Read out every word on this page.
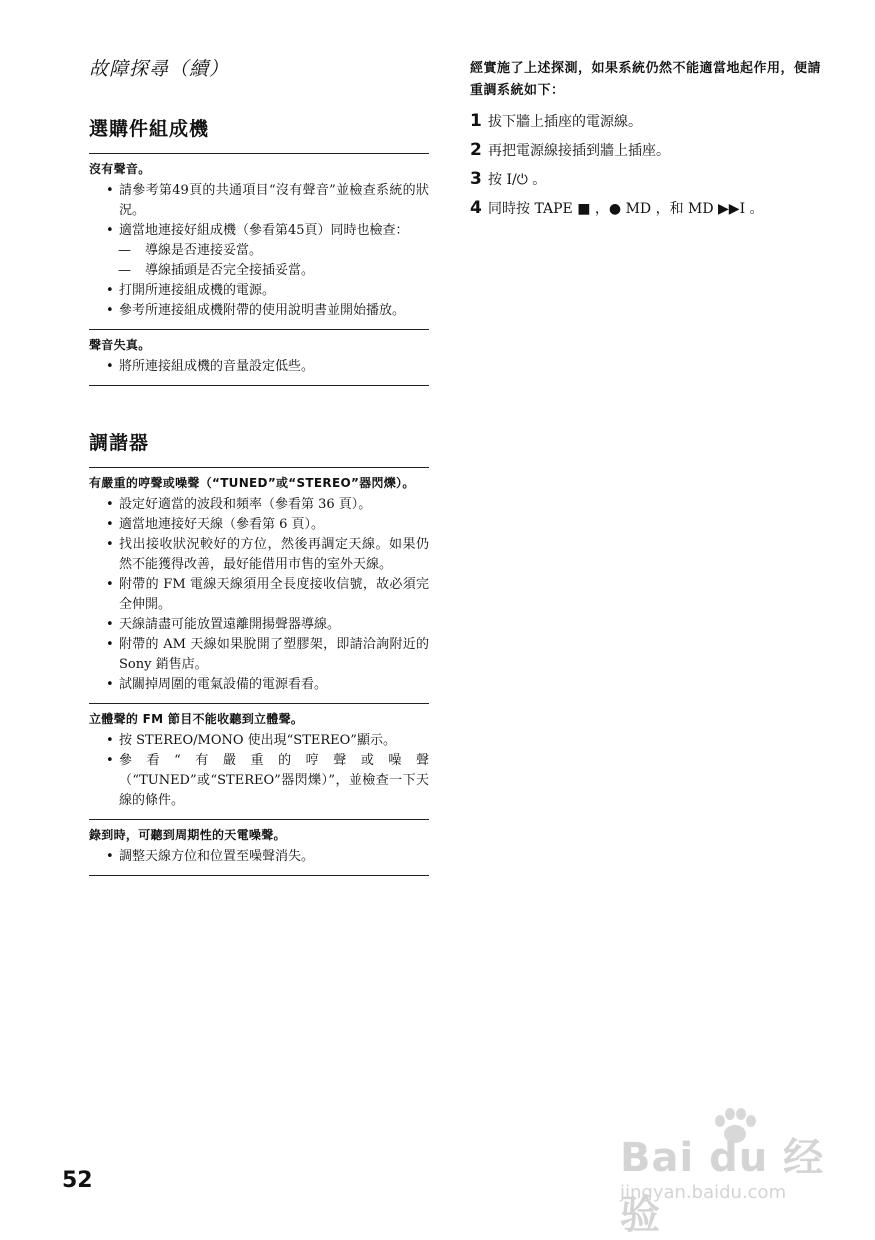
故障探尋（續）
選購件組成機
沒有聲音。
• 請參考第49頁的共通項目“沒有聲音”並檢查系統的狀況。
• 適當地連接好組成機（參看第45頁）同時也檢查：
— 導線是否連接妥當。
— 導線插頭是否完全接插妥當。
• 打開所連接組成機的電源。
• 參考所連接組成機附帶的使用說明書並開始播放。
聲音失真。
• 將所連接組成機的音量設定低些。
調諧器
有嚴重的哼聲或噪聲（“TUNED”或“STEREO”器閃爍）。
• 設定好適當的波段和頻率（參看第 36 頁）。
• 適當地連接好天線（參看第 6 頁）。
• 找出接收狀況較好的方位，然後再調定天線。如果仍然不能獲得改善，最好能借用市售的室外天線。
• 附帶的 FM 電線天線須用全長度接收信號，故必須完全伸開。
• 天線請盡可能放置遠離開揚聲器導線。
• 附帶的 AM 天線如果脫開了塑膠架，即請洽詢附近的 Sony 銷售店。
• 試關掉周圍的電氣設備的電源看看。
立體聲的 FM 節目不能收聽到立體聲。
• 按 STEREO/MONO 使出現“STEREO”顯示。
• 參看“有嚴重的哼聲或噪聲（“TUNED”或“STEREO”器閃爍）”，並檢查一下天線的條件。
錄到時，可聽到周期性的天電噪聲。
• 調整天線方位和位置至噪聲消失。
經實施了上述探測，如果系統仍然不能適當地起作用，便請重調系統如下：
1 拔下牆上插座的電源線。
2 再把電源線接插到牆上插座。
3 按 I/⏻ 。
4 同時按 TAPE ■ ，● MD ，和 MD ▶▶I 。
52	Bai du 经验
jingyan.baidu.com
